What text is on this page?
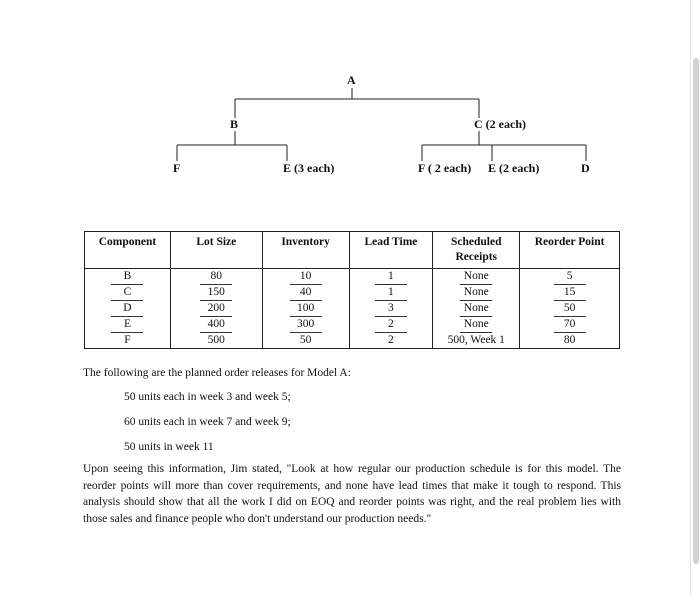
A
B	C (2 each)
F	E (3 each)	F ( 2 each) E (2 each)	D
Component	Lot Size	Inventory	Lead Time	Scheduled Receipts	Reorder Point
B	80	10	1	None	5
C	150	40	1	None	15
D	200	100	3	None	50
E	400	300	2	None	70
F	500	50	2	500, Week 1	80
The following are the planned order releases for Model A:
50 units each in week 3 and week 5;
60 units each in week 7 and week 9;
50 units in week 11
Upon seeing this information, Jim stated, "Look at how regular our production schedule is for this model. The reorder points will more than cover requirements, and none have lead times that make it tough to respond. This analysis should show that all the work I did on EOQ and reorder points was right, and the real problem lies with those sales and finance people who don't understand our production needs."
